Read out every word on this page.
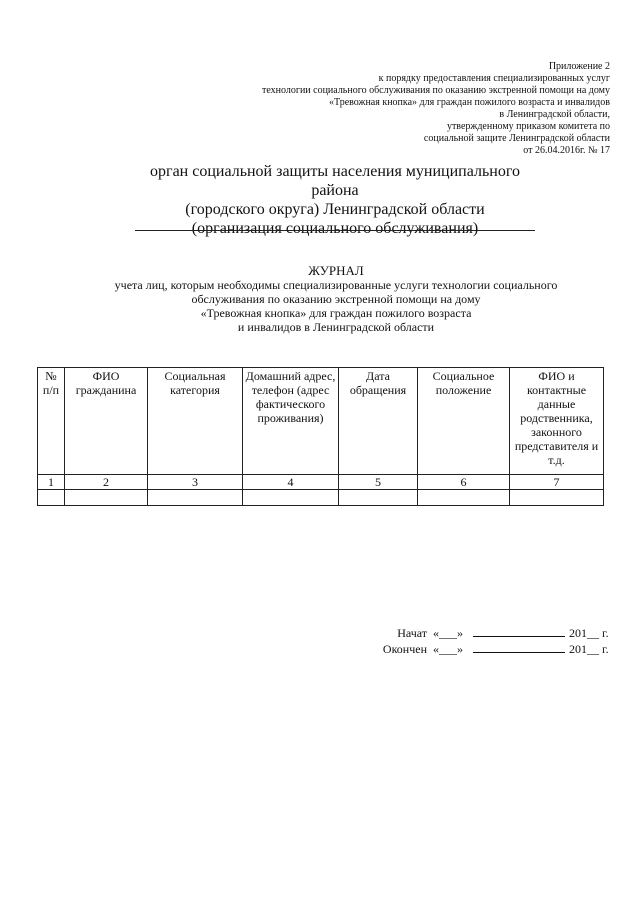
Приложение 2
к порядку предоставления специализированных услуг
технологии социального обслуживания по оказанию экстренной помощи на дому
«Тревожная кнопка» для граждан пожилого возраста и инвалидов
в Ленинградской области,
утвержденному приказом комитета по
социальной защите Ленинградской области
от 26.04.2016г. № 17
орган социальной защиты населения муниципального района
(городского округа) Ленинградской области
(организация социального обслуживания)
ЖУРНАЛ
учета лиц, которым необходимы специализированные услуги технологии социального
обслуживания по оказанию экстренной помощи на дому
«Тревожная кнопка» для граждан пожилого возраста
и инвалидов в Ленинградской области
№ п/п	ФИО гражданина	Социальная категория	Домашний адрес, телефон (адрес фактического проживания)	Дата обращения	Социальное положение	ФИО и контактные данные родственника, законного представителя и т.д.
1	2	3	4	5	6	7

Начат «___»	201__ г.
Окончен «___»	201__ г.
